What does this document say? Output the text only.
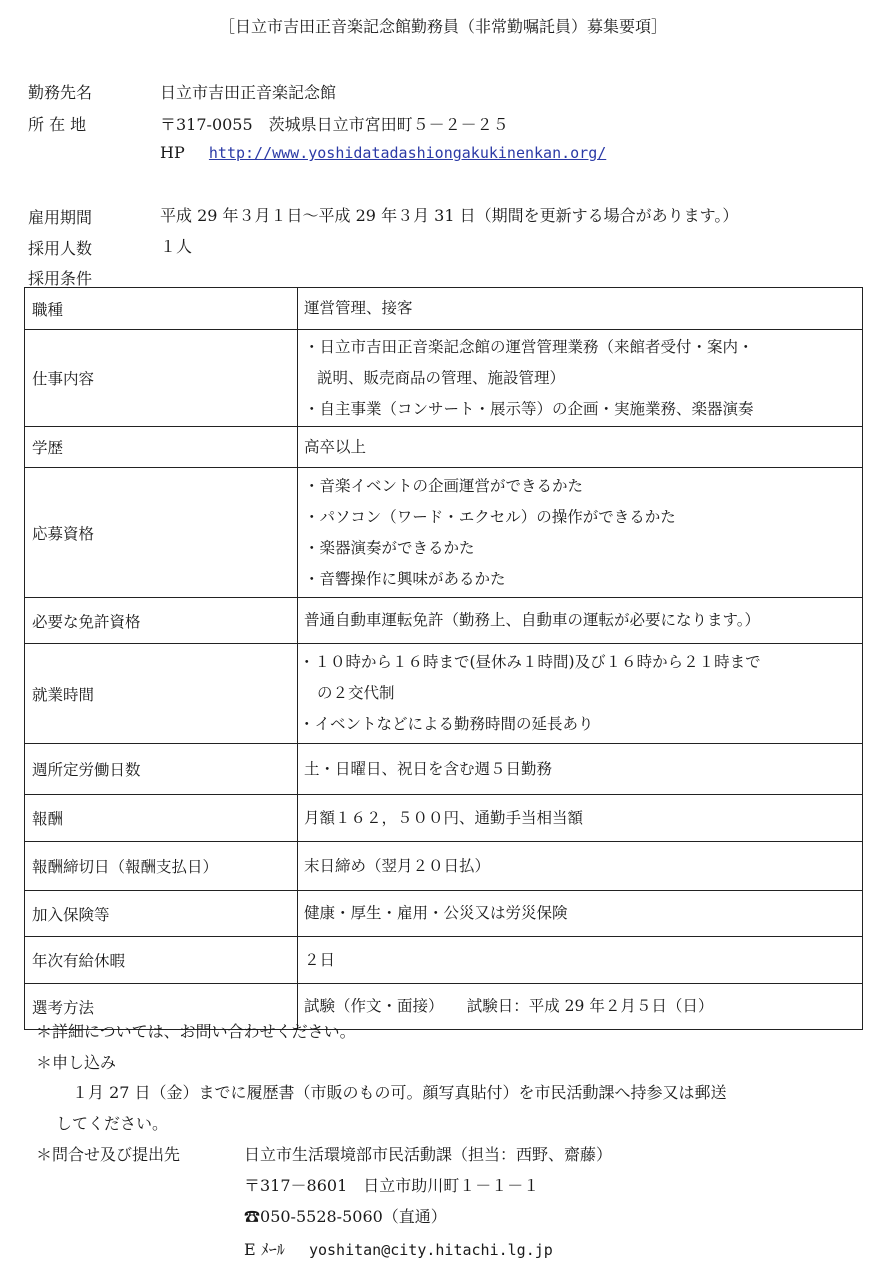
［日立市吉田正音楽記念館勤務員（非常勤嘱託員）募集要項］
勤務先名	日立市吉田正音楽記念館
所 在 地	〒317-0055　茨城県日立市宮田町５－２－２５
HP http://www.yoshidatadashiongakukinenkan.org/
雇用期間	平成 29 年３月１日～平成 29 年３月 31 日（期間を更新する場合があります。）
採用人数	１人
採用条件
職種	運営管理、接客

仕事内容	・日立市吉田正音楽記念館の運営管理業務（来館者受付・案内・
説明、販売商品の管理、施設管理）
・自主事業（コンサート・展示等）の企画・実施業務、楽器演奏

学歴	高卒以上

応募資格	・音楽イベントの企画運営ができるかた
・パソコン（ワード・エクセル）の操作ができるかた
・楽器演奏ができるかた
・音響操作に興味があるかた

必要な免許資格	普通自動車運転免許（勤務上、自動車の運転が必要になります。）

就業時間	・１０時から１６時まで(昼休み１時間)及び１６時から２１時まで
の２交代制
・イベントなどによる勤務時間の延長あり

週所定労働日数	土・日曜日、祝日を含む週５日勤務

報酬	月額１６２，５００円、通勤手当相当額

報酬締切日（報酬支払日）	末日締め（翌月２０日払）

加入保険等	健康・厚生・雇用・公災又は労災保険

年次有給休暇	２日

選考方法	試験（作文・面接）　　試験日：平成 29 年２月５日（日）
＊詳細については、お問い合わせください。
＊申し込み
１月 27 日（金）までに履歴書（市販のもの可。顔写真貼付）を市民活動課へ持参又は郵送
してください。
＊問合せ及び提出先	日立市生活環境部市民活動課（担当：西野、齋藤）
〒317－8601　日立市助川町１－１－１
☎050-5528-5060（直通）
E ﾒｰﾙ yoshitan@city.hitachi.lg.jp
